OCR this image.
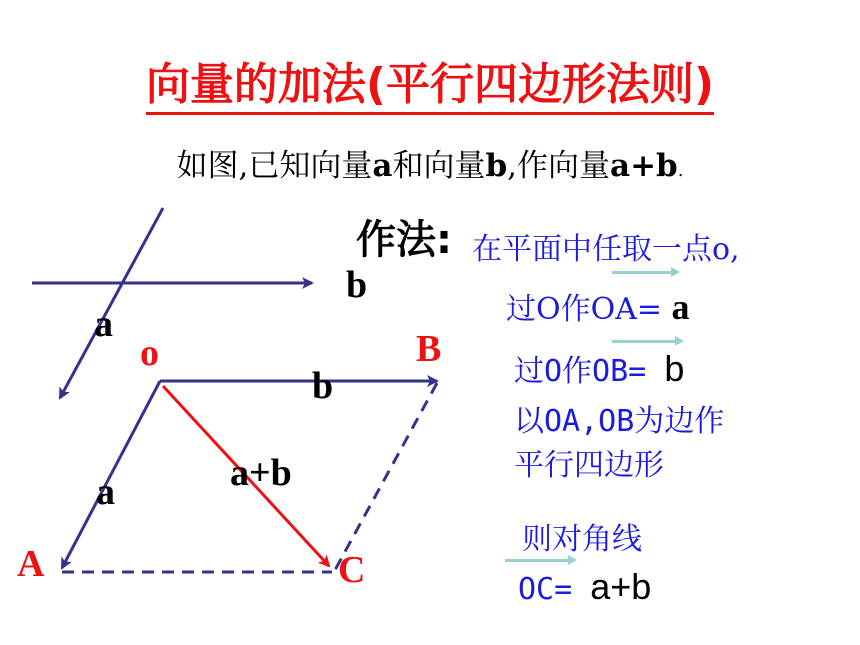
向量的加法(平行四边形法则)
如图,已知向量a和向量b,作向量a+b.
b
a
o	B
b
a+b
a
A	C
作法: 在平面中任取一点o,
过O作OA= a
过O作OB= b
以OA,OB为边作
平行四边形
则对角线
OC= a+b
